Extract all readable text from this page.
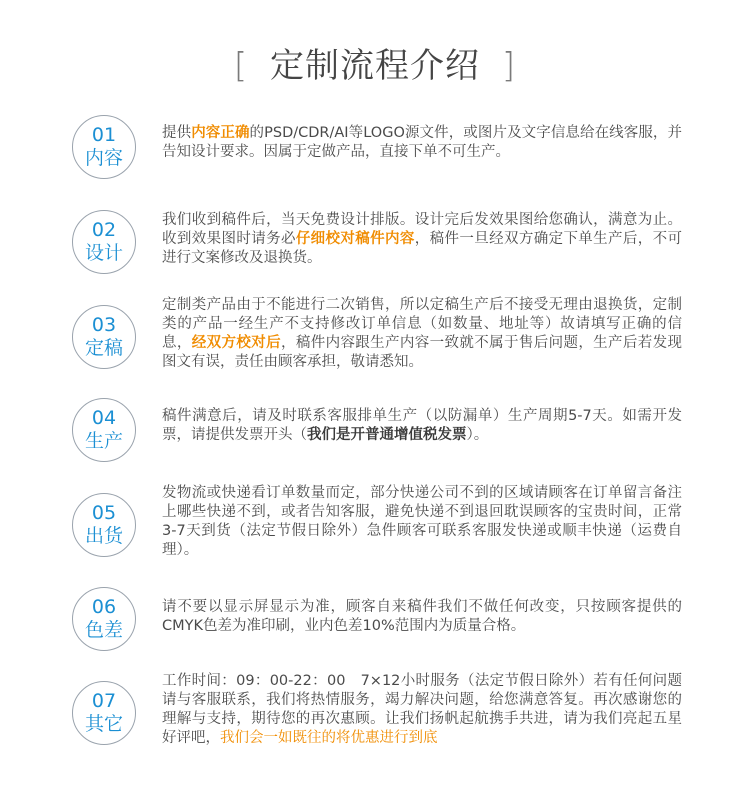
[ 定制流程介绍 ]
01
内容
提供内容正确的PSD/CDR/AI等LOGO源文件，或图片及文字信息给在线客服，并告知设计要求。因属于定做产品，直接下单不可生产。
02
设计
我们收到稿件后，当天免费设计排版。设计完后发效果图给您确认，满意为止。收到效果图时请务必仔细校对稿件内容，稿件一旦经双方确定下单生产后，不可进行文案修改及退换货。
03
定稿
定制类产品由于不能进行二次销售，所以定稿生产后不接受无理由退换货，定制类的产品一经生产不支持修改订单信息（如数量、地址等）故请填写正确的信息，经双方校对后，稿件内容跟生产内容一致就不属于售后问题，生产后若发现图文有误，责任由顾客承担，敬请悉知。
04
生产
稿件满意后，请及时联系客服排单生产（以防漏单）生产周期5-7天。如需开发票，请提供发票开头（我们是开普通增值税发票）。
05
出货
发物流或快递看订单数量而定，部分快递公司不到的区域请顾客在订单留言备注上哪些快递不到，或者告知客服，避免快递不到退回耽误顾客的宝贵时间，正常3-7天到货（法定节假日除外）急件顾客可联系客服发快递或顺丰快递（运费自理）。
06
色差
请不要以显示屏显示为准，顾客自来稿件我们不做任何改变，只按顾客提供的CMYK色差为准印刷，业内色差10%范围内为质量合格。
07
其它
工作时间：09：00-22：00　7×12小时服务（法定节假日除外）若有任何问题请与客服联系，我们将热情服务，竭力解决问题，给您满意答复。再次感谢您的理解与支持，期待您的再次惠顾。让我们扬帆起航携手共进，请为我们亮起五星好评吧，我们会一如既往的将优惠进行到底
